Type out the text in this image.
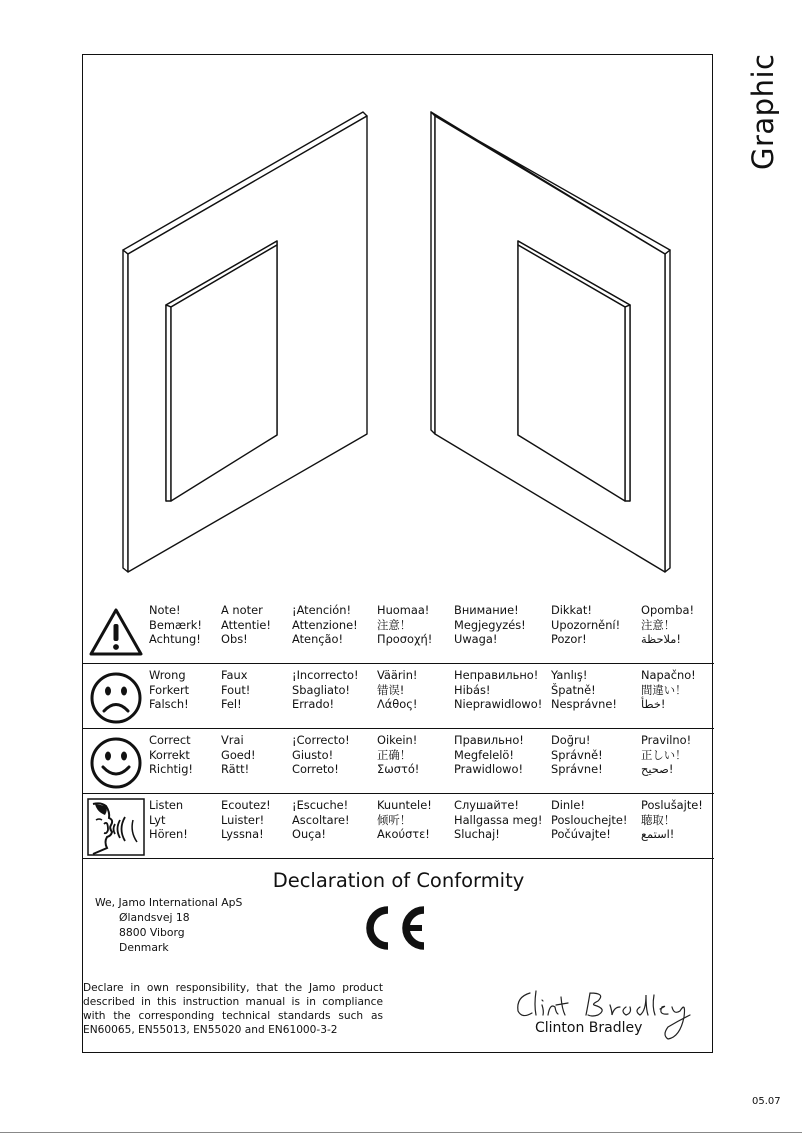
Graphic
Note!
Bemærk!
Achtung!
A noter
Attentie!
Obs!
¡Atención!
Attenzione!
Atenção!
Huomaa!
注意！
Προσοχή!
Внимание!
Megjegyzés!
Uwaga!
Dikkat!
Upozornění!
Pozor!
Opomba!
注意！
ملاحظة!
Wrong
Forkert
Falsch!
Faux
Fout!
Fel!
¡Incorrecto!
Sbagliato!
Errado!
Väärin!
错误!
Λάθος!
Неправильно!
Hibás!
Nieprawidlowo!
Yanlış!
Špatně!
Nesprávne!
Napačno!
間違い！
خطأ!
Correct
Korrekt
Richtig!
Vrai
Goed!
Rätt!
¡Correcto!
Giusto!
Correto!
Oikein!
正确！
Σωστό!
Правильно!
Megfelelö!
Prawidlowo!
Doğru!
Správně!
Správne!
Pravilno!
正しい！
صحيح!
Listen
Lyt
Hören!
Ecoutez!
Luister!
Lyssna!
¡Escuche!
Ascoltare!
Ouça!
Kuuntele!
倾听！
Ακούστε!
Слушайте!
Hallgassa meg!
Sluchaj!
Dinle!
Poslouchejte!
Počúvajte!
Poslušajte!
聴取！
استمع!
Declaration of Conformity
We, Jamo International ApS
Ølandsvej 18
8800 Viborg
Denmark
Declare in own responsibility, that the Jamo product described in this instruction manual is in compliance with the corresponding technical standards such as EN60065, EN55013, EN55020 and EN61000-3-2	Clinton Bradley
05.07
